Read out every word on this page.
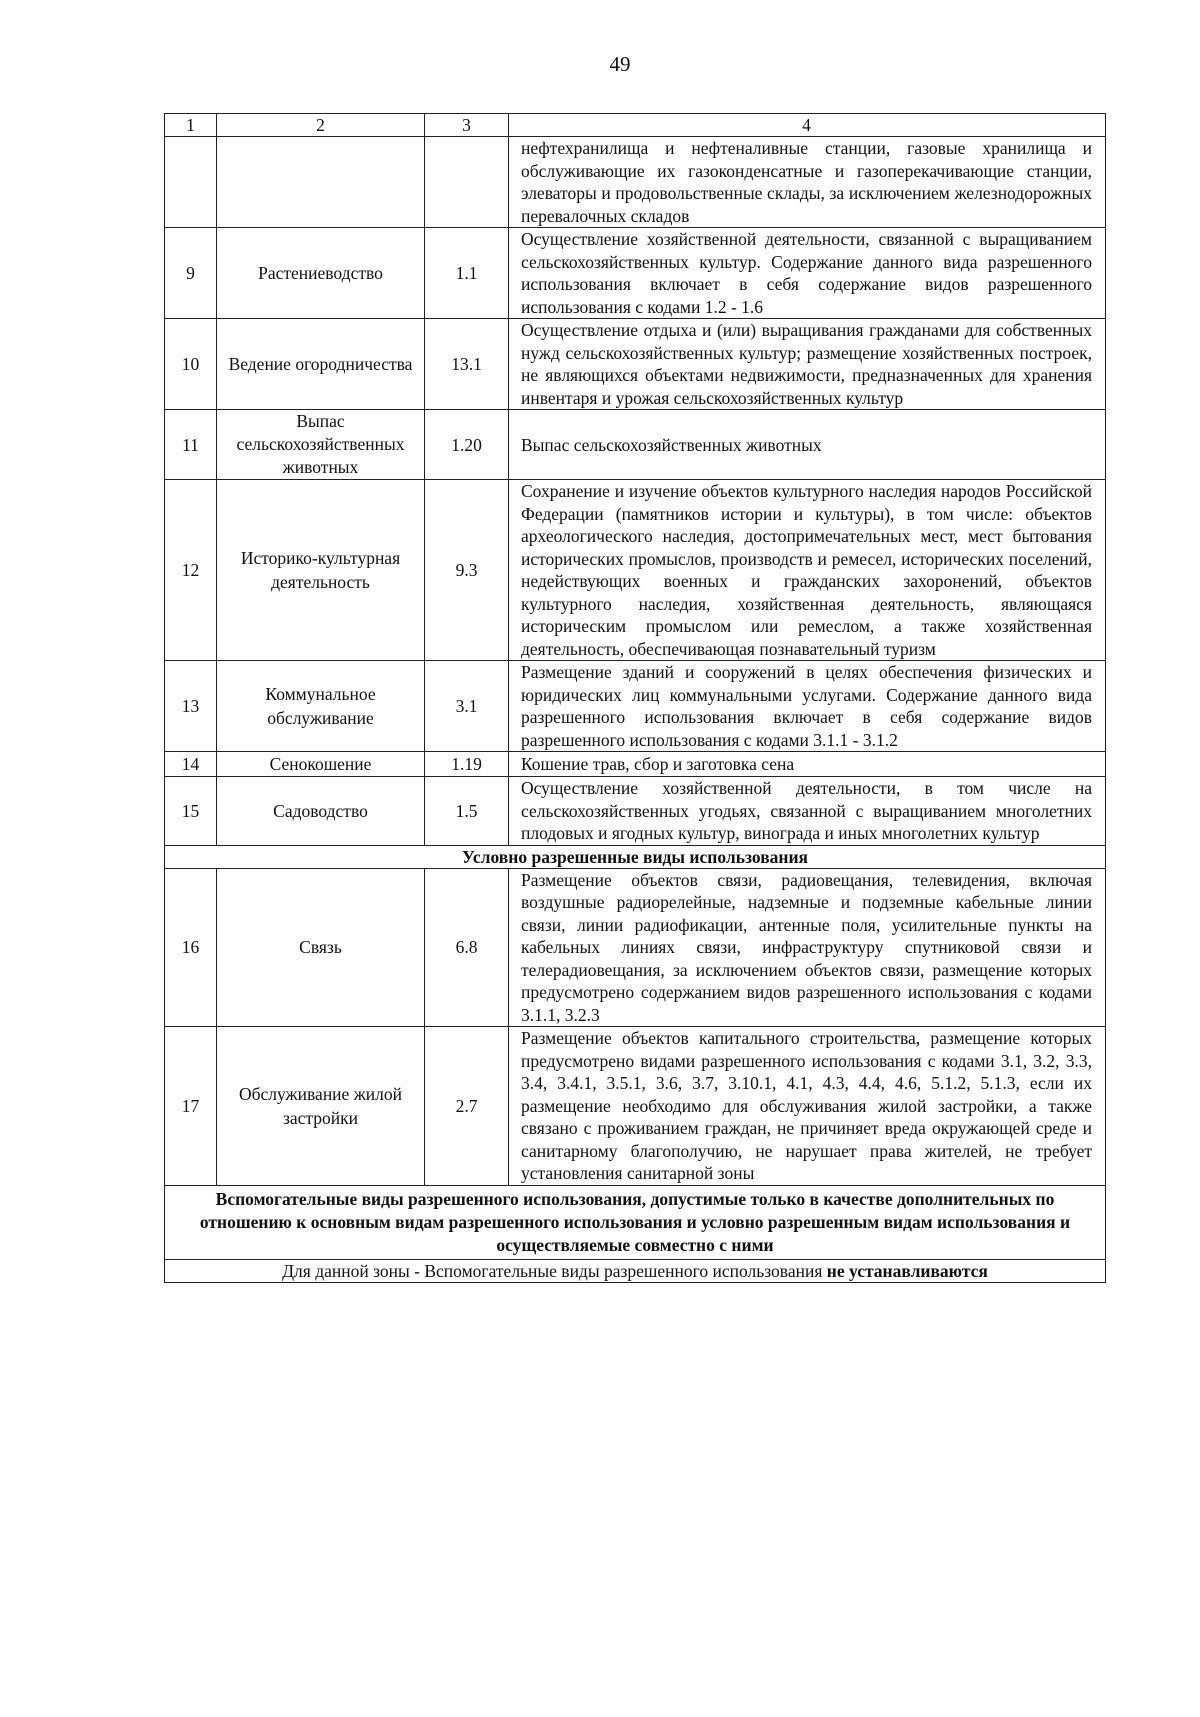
49
1	2	3	4
			нефтехранилища и нефтеналивные станции, газовые хранилища и обслуживающие их газоконденсатные и газоперекачивающие станции, элеваторы и продовольственные склады, за исключением железнодорожных перевалочных складов
9	Растениеводство	1.1	Осуществление хозяйственной деятельности, связанной с выращиванием сельскохозяйственных культур. Содержание данного вида разрешенного использования включает в себя содержание видов разрешенного использования с кодами 1.2 - 1.6
10	Ведение огородничества	13.1	Осуществление отдыха и (или) выращивания гражданами для собственных нужд сельскохозяйственных культур; размещение хозяйственных построек, не являющихся объектами недвижимости, предназначенных для хранения инвентаря и урожая сельскохозяйственных культур
11	Выпас сельскохозяйственных животных	1.20	Выпас сельскохозяйственных животных
12	Историко-культурная деятельность	9.3	Сохранение и изучение объектов культурного наследия народов Российской Федерации (памятников истории и культуры), в том числе: объектов археологического наследия, достопримечательных мест, мест бытования исторических промыслов, производств и ремесел, исторических поселений, недействующих военных и гражданских захоронений, объектов культурного наследия, хозяйственная деятельность, являющаяся историческим промыслом или ремеслом, а также хозяйственная деятельность, обеспечивающая познавательный туризм
13	Коммунальное обслуживание	3.1	Размещение зданий и сооружений в целях обеспечения физических и юридических лиц коммунальными услугами. Содержание данного вида разрешенного использования включает в себя содержание видов разрешенного использования с кодами 3.1.1 - 3.1.2
14	Сенокошение	1.19	Кошение трав, сбор и заготовка сена
15	Садоводство	1.5	Осуществление хозяйственной деятельности, в том числе на сельскохозяйственных угодьях, связанной с выращиванием многолетних плодовых и ягодных культур, винограда и иных многолетних культур
Условно разрешенные виды использования			
16	Связь	6.8	Размещение объектов связи, радиовещания, телевидения, включая воздушные радиорелейные, надземные и подземные кабельные линии связи, линии радиофикации, антенные поля, усилительные пункты на кабельных линиях связи, инфраструктуру спутниковой связи и телерадиовещания, за исключением объектов связи, размещение которых предусмотрено содержанием видов разрешенного использования с кодами 3.1.1, 3.2.3
17	Обслуживание жилой застройки	2.7	Размещение объектов капитального строительства, размещение которых предусмотрено видами разрешенного использования с кодами 3.1, 3.2, 3.3, 3.4, 3.4.1, 3.5.1, 3.6, 3.7, 3.10.1, 4.1, 4.3, 4.4, 4.6, 5.1.2, 5.1.3, если их размещение необходимо для обслуживания жилой застройки, а также связано с проживанием граждан, не причиняет вреда окружающей среде и санитарному благополучию, не нарушает права жителей, не требует установления санитарной зоны
Вспомогательные виды разрешенного использования, допустимые только в качестве дополнительных по отношению к основным видам разрешенного использования и условно разрешенным видам использования и осуществляемые совместно с ними			
Для данной зоны - Вспомогательные виды разрешенного использования не устанавливаются			
